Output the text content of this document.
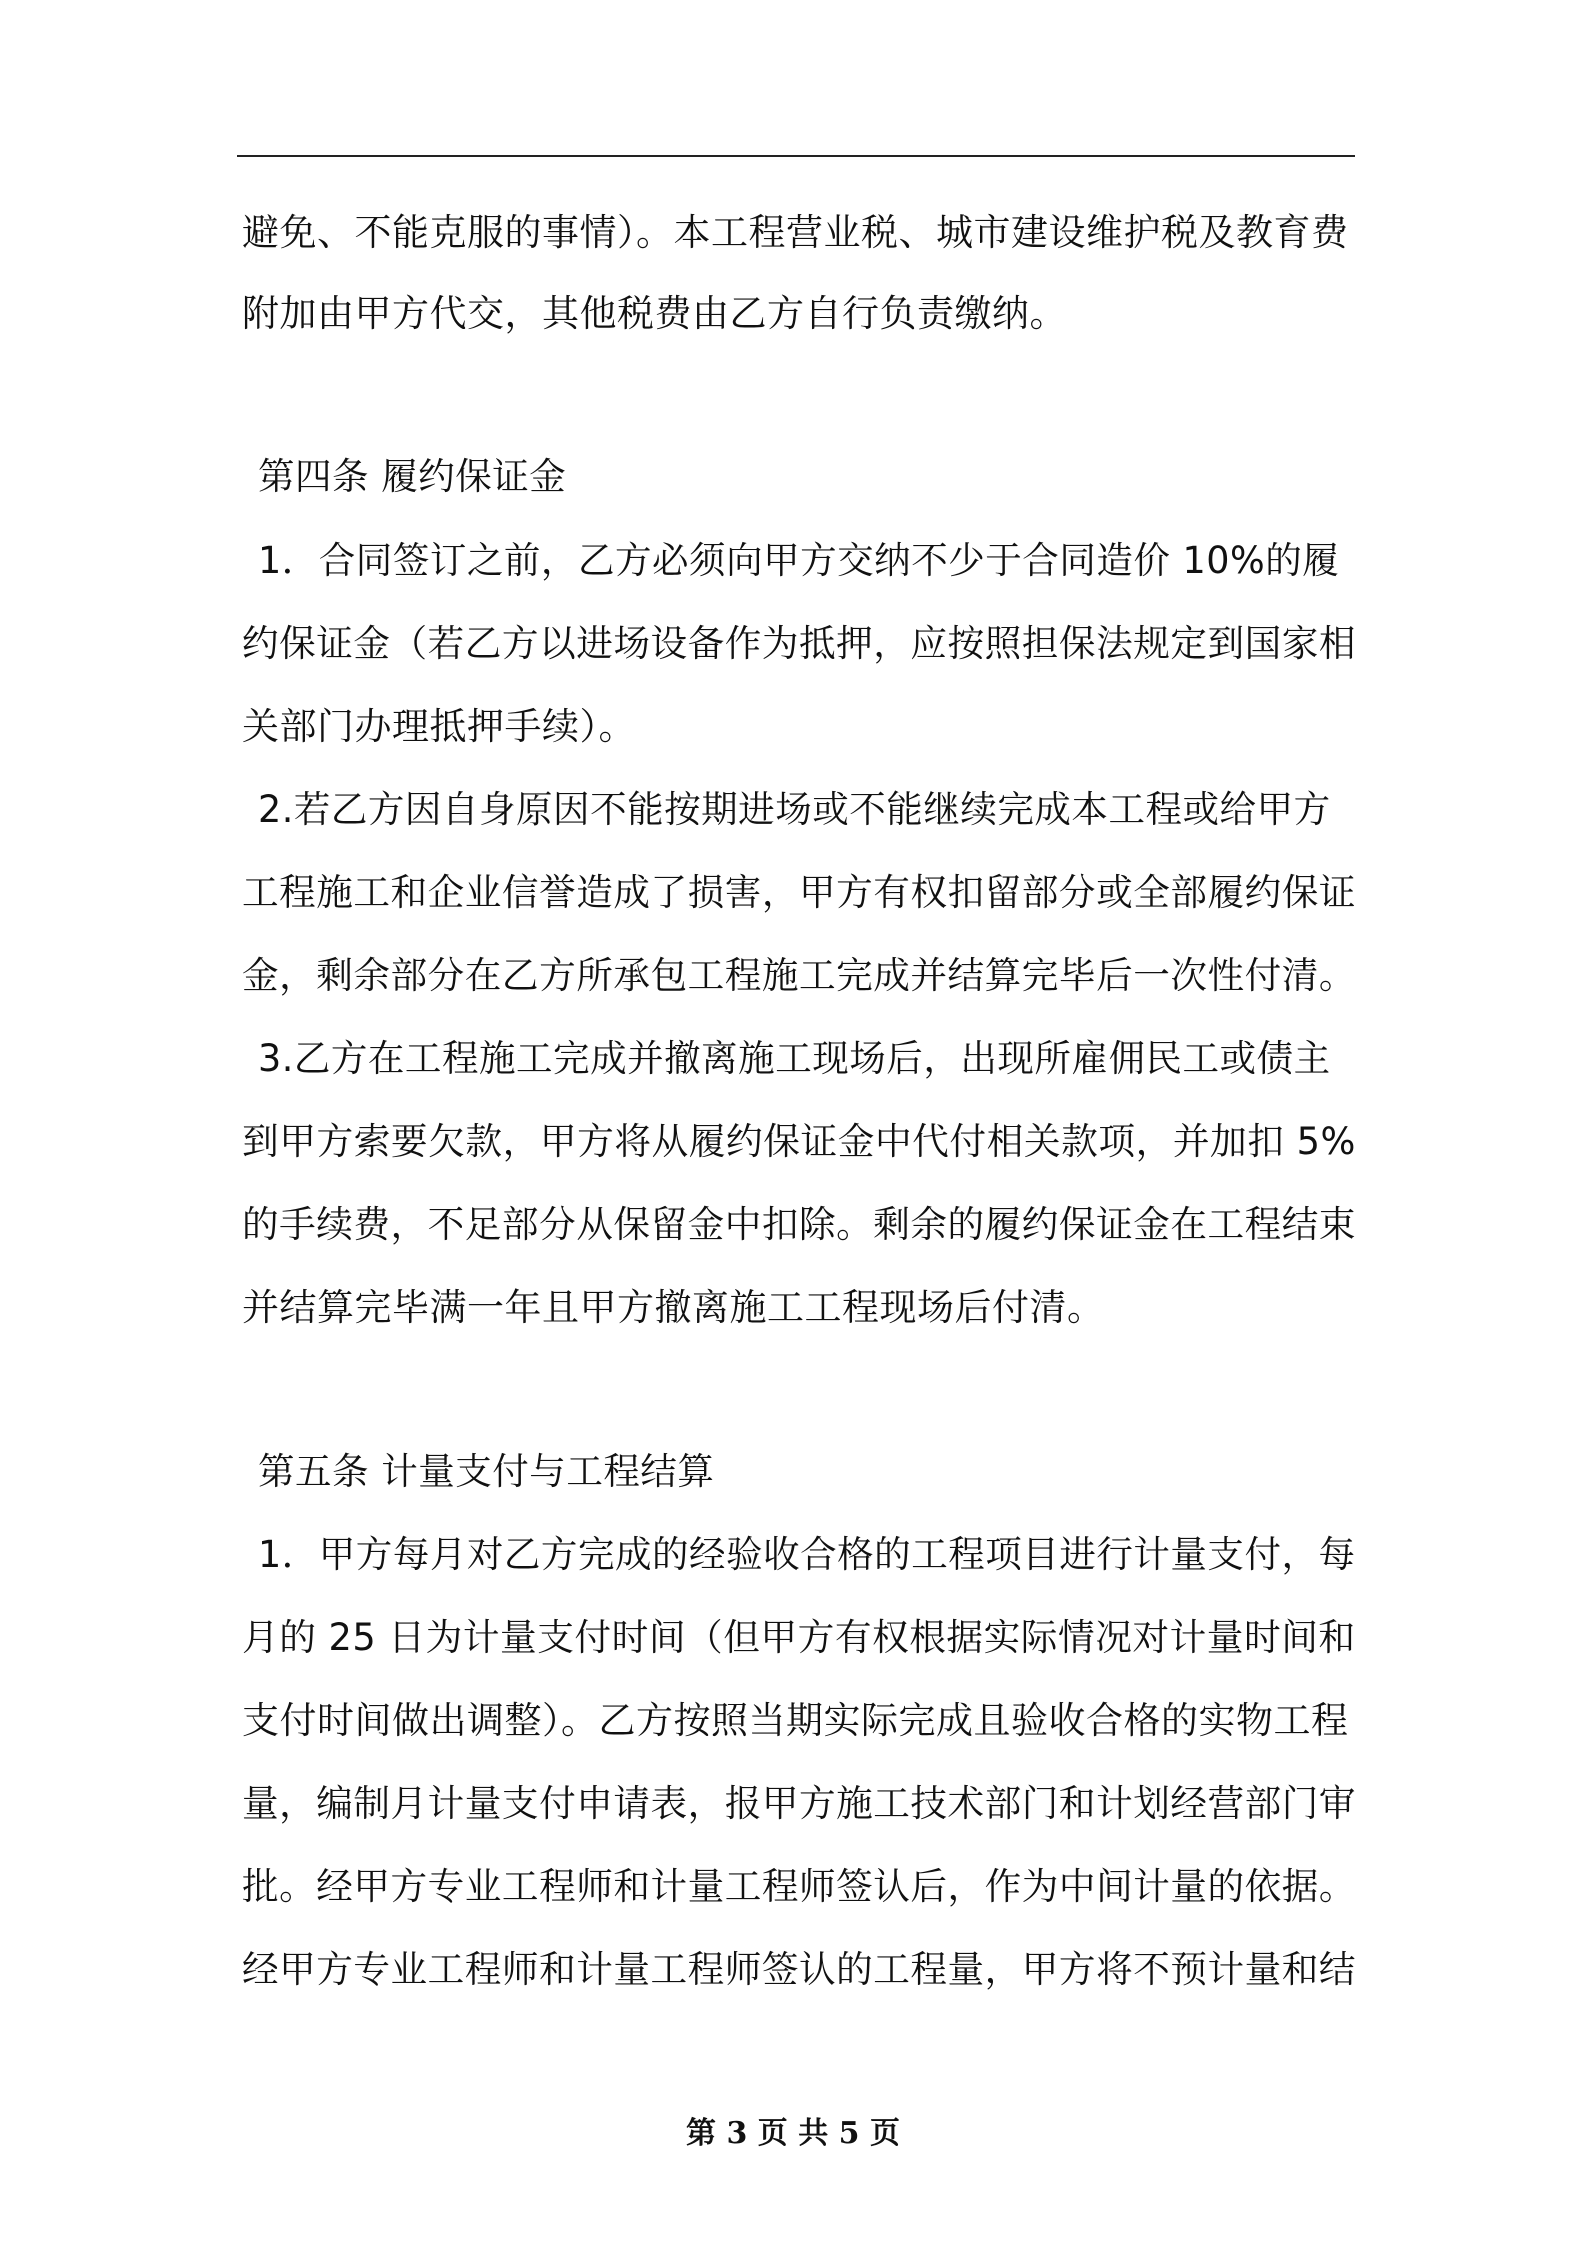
避免、不能克服的事情）。本工程营业税、城市建设维护税及教育费
附加由甲方代交，其他税费由乙方自行负责缴纳。
第四条 履约保证金
1．合同签订之前，乙方必须向甲方交纳不少于合同造价 10%的履
约保证金（若乙方以进场设备作为抵押，应按照担保法规定到国家相
关部门办理抵押手续）。
2.若乙方因自身原因不能按期进场或不能继续完成本工程或给甲方
工程施工和企业信誉造成了损害，甲方有权扣留部分或全部履约保证
金，剩余部分在乙方所承包工程施工完成并结算完毕后一次性付清。
3.乙方在工程施工完成并撤离施工现场后，出现所雇佣民工或债主
到甲方索要欠款，甲方将从履约保证金中代付相关款项，并加扣 5%
的手续费，不足部分从保留金中扣除。剩余的履约保证金在工程结束
并结算完毕满一年且甲方撤离施工工程现场后付清。
第五条 计量支付与工程结算
1．甲方每月对乙方完成的经验收合格的工程项目进行计量支付，每
月的 25 日为计量支付时间（但甲方有权根据实际情况对计量时间和
支付时间做出调整）。乙方按照当期实际完成且验收合格的实物工程
量，编制月计量支付申请表，报甲方施工技术部门和计划经营部门审
批。经甲方专业工程师和计量工程师签认后，作为中间计量的依据。
经甲方专业工程师和计量工程师签认的工程量，甲方将不预计量和结
第 3 页 共 5 页
